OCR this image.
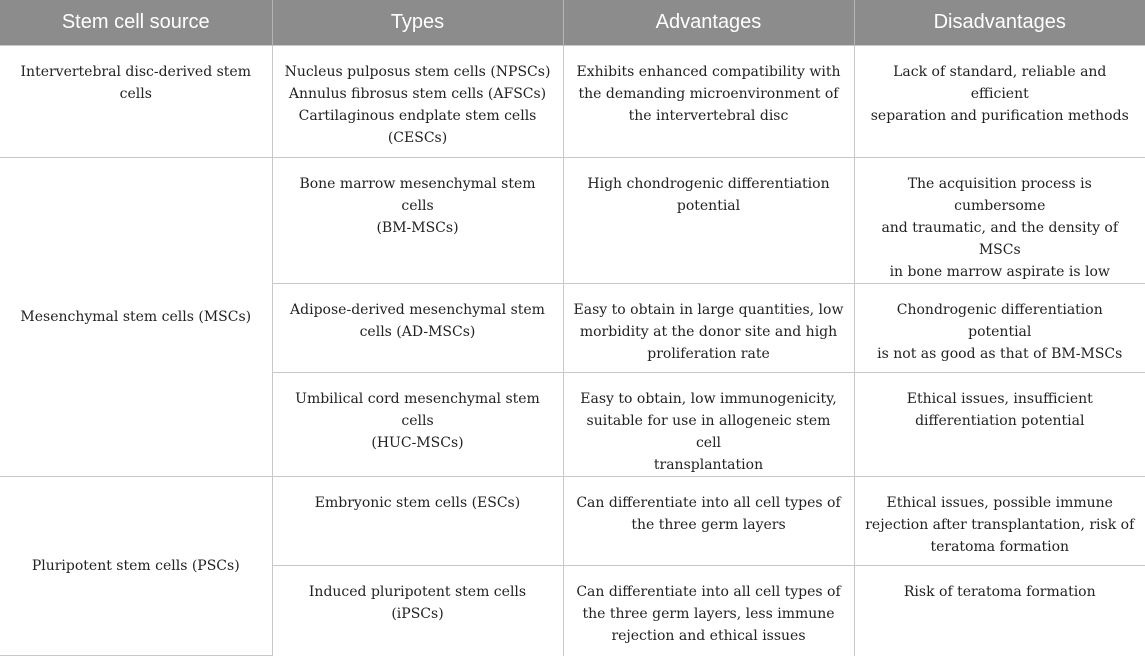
Stem cell source	Types	Advantages	Disadvantages
Intervertebral disc-derived stem cells	Nucleus pulposus stem cells (NPSCs)
Annulus fibrosus stem cells (AFSCs)
Cartilaginous endplate stem cells
(CESCs)	Exhibits enhanced compatibility with
the demanding microenvironment of
the intervertebral disc	Lack of standard, reliable and efficient
separation and purification methods

Mesenchymal stem cells (MSCs)	Bone marrow mesenchymal stem cells
(BM-MSCs)	High chondrogenic differentiation
potential	The acquisition process is cumbersome
and traumatic, and the density of MSCs
in bone marrow aspirate is low

	Adipose-derived mesenchymal stem
cells (AD-MSCs)	Easy to obtain in large quantities, low
morbidity at the donor site and high
proliferation rate	Chondrogenic differentiation potential
is not as good as that of BM-MSCs

	Umbilical cord mesenchymal stem cells
(HUC-MSCs)	Easy to obtain, low immunogenicity,
suitable for use in allogeneic stem cell
transplantation	Ethical issues, insufficient
differentiation potential

Pluripotent stem cells (PSCs)	Embryonic stem cells (ESCs)	Can differentiate into all cell types of
the three germ layers	Ethical issues, possible immune
rejection after transplantation, risk of
teratoma formation

	Induced pluripotent stem cells (iPSCs)	Can differentiate into all cell types of
the three germ layers, less immune
rejection and ethical issues	Risk of teratoma formation
